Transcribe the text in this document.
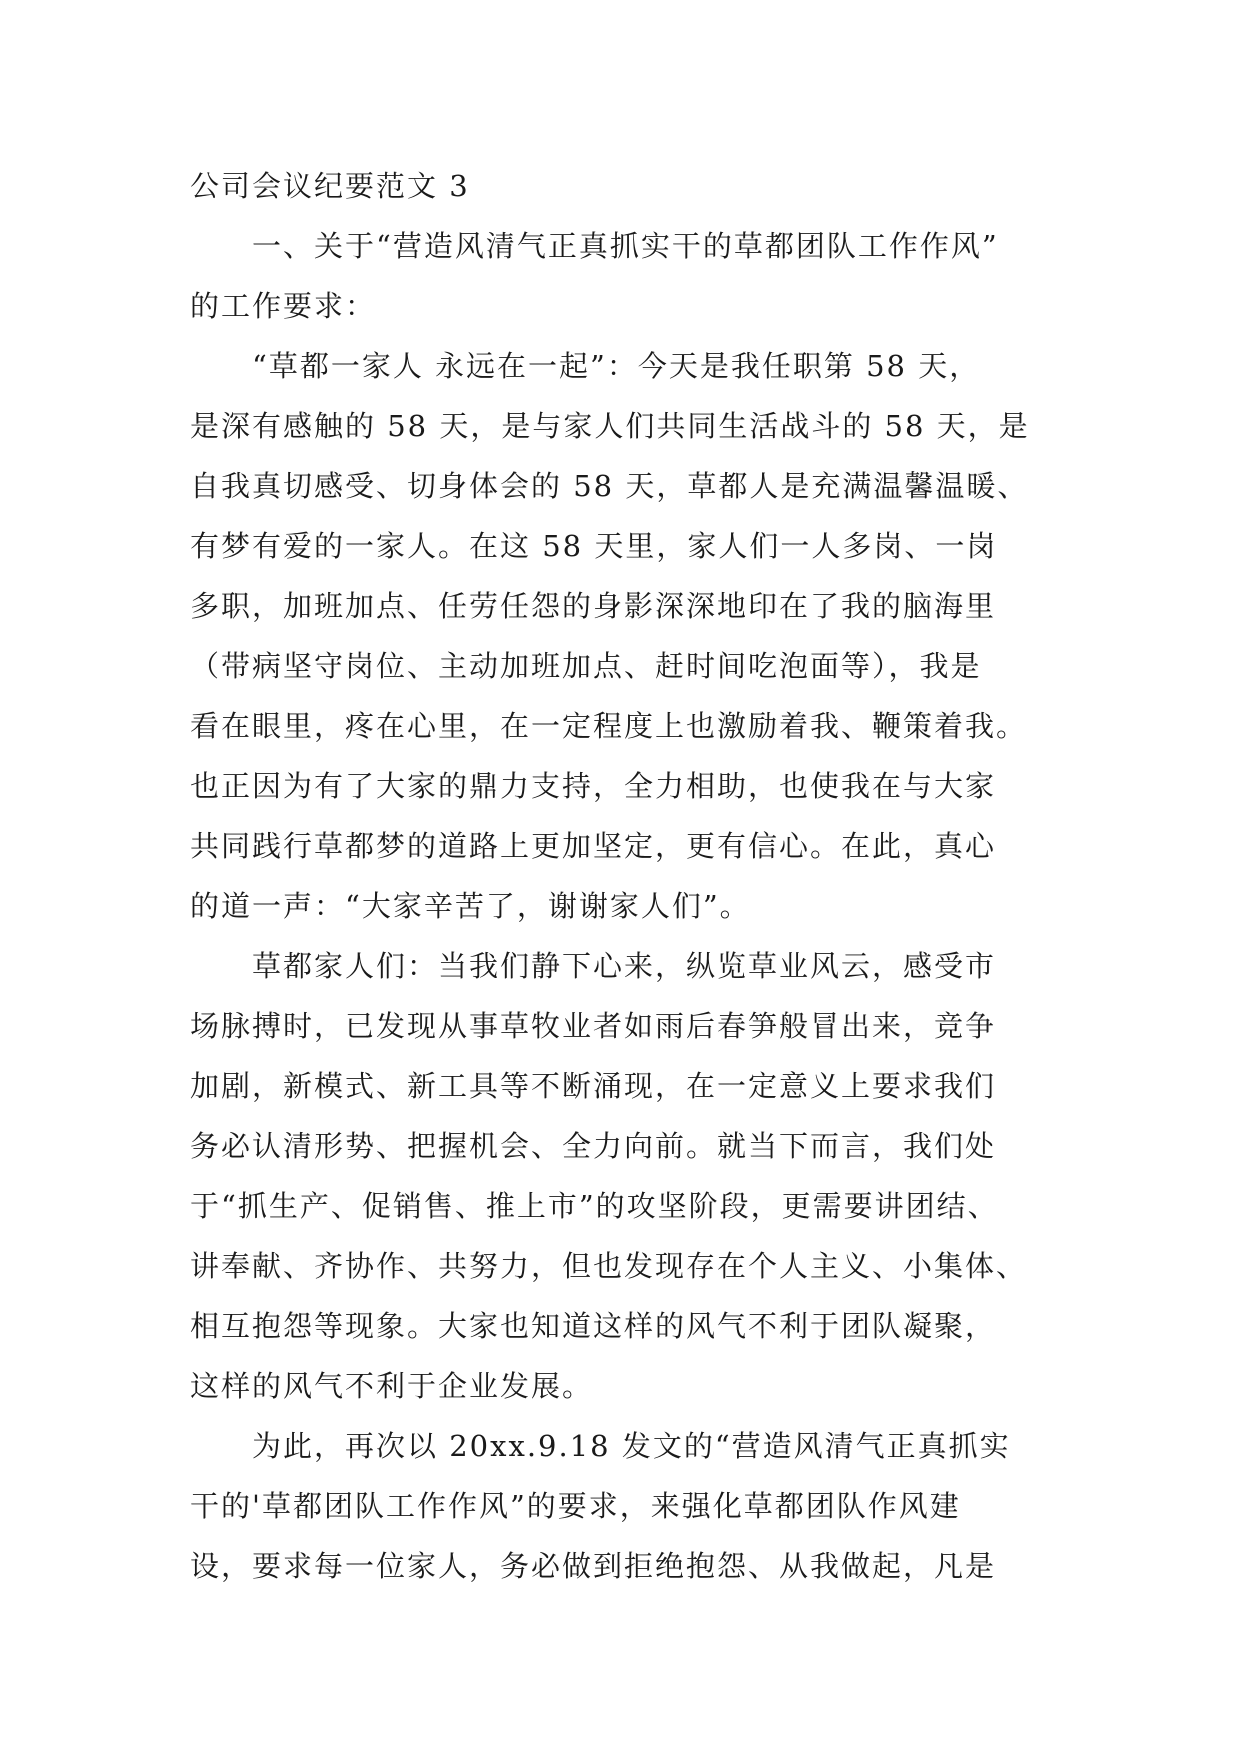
公司会议纪要范文 3
　　一、关于“营造风清气正真抓实干的草都团队工作作风”
的工作要求：
　　“草都一家人 永远在一起”：今天是我任职第 58 天，
是深有感触的 58 天，是与家人们共同生活战斗的 58 天，是
自我真切感受、切身体会的 58 天，草都人是充满温馨温暖、
有梦有爱的一家人。在这 58 天里，家人们一人多岗、一岗
多职，加班加点、任劳任怨的身影深深地印在了我的脑海里
（带病坚守岗位、主动加班加点、赶时间吃泡面等），我是
看在眼里，疼在心里，在一定程度上也激励着我、鞭策着我。
也正因为有了大家的鼎力支持，全力相助，也使我在与大家
共同践行草都梦的道路上更加坚定，更有信心。在此，真心
的道一声：“大家辛苦了，谢谢家人们”。
　　草都家人们：当我们静下心来，纵览草业风云，感受市
场脉搏时，已发现从事草牧业者如雨后春笋般冒出来，竞争
加剧，新模式、新工具等不断涌现，在一定意义上要求我们
务必认清形势、把握机会、全力向前。就当下而言，我们处
于“抓生产、促销售、推上市”的攻坚阶段，更需要讲团结、
讲奉献、齐协作、共努力，但也发现存在个人主义、小集体、
相互抱怨等现象。大家也知道这样的风气不利于团队凝聚，
这样的风气不利于企业发展。
　　为此，再次以 20xx.9.18 发文的“营造风清气正真抓实
干的'草都团队工作作风”的要求，来强化草都团队作风建
设，要求每一位家人，务必做到拒绝抱怨、从我做起，凡是
